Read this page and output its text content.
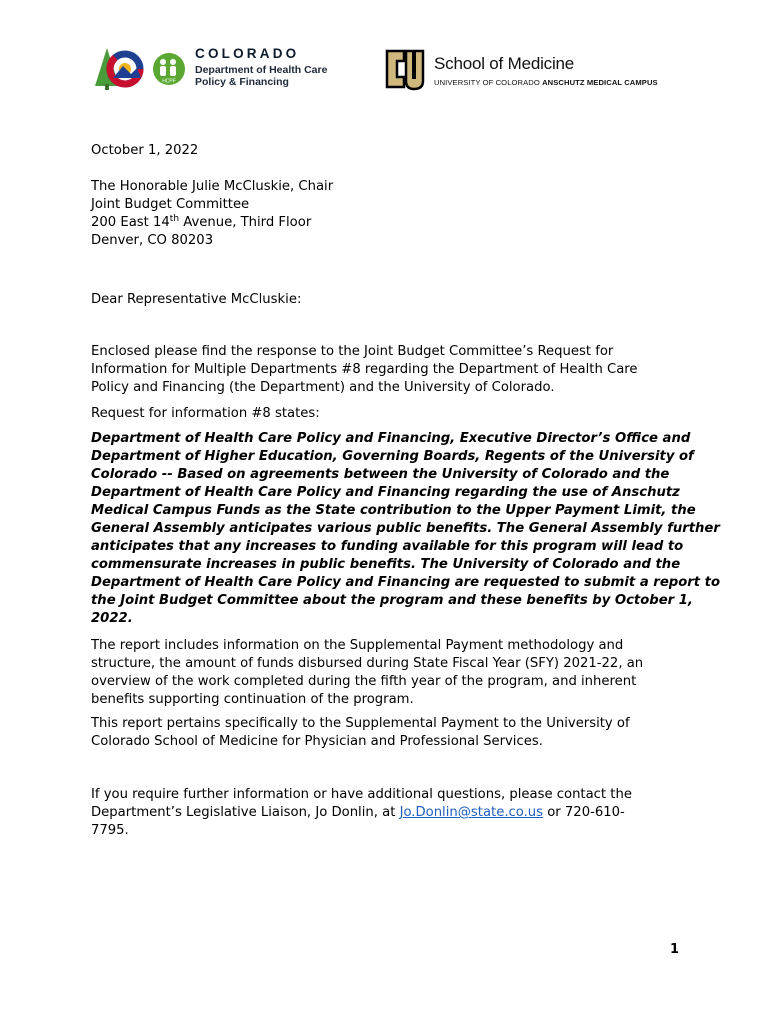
HCPF
COLORADO
Department of Health Care
Policy & Financing
School of Medicine
UNIVERSITY OF COLORADO ANSCHUTZ MEDICAL CAMPUS
October 1, 2022
The Honorable Julie McCluskie, Chair
Joint Budget Committee
200 East 14th Avenue, Third Floor
Denver, CO 80203
Dear Representative McCluskie:
Enclosed please find the response to the Joint Budget Committee’s Request for
Information for Multiple Departments #8 regarding the Department of Health Care
Policy and Financing (the Department) and the University of Colorado.
Request for information #8 states:
Department of Health Care Policy and Financing, Executive Director’s Office and
Department of Higher Education, Governing Boards, Regents of the University of
Colorado -- Based on agreements between the University of Colorado and the
Department of Health Care Policy and Financing regarding the use of Anschutz
Medical Campus Funds as the State contribution to the Upper Payment Limit, the
General Assembly anticipates various public benefits. The General Assembly further
anticipates that any increases to funding available for this program will lead to
commensurate increases in public benefits. The University of Colorado and the
Department of Health Care Policy and Financing are requested to submit a report to
the Joint Budget Committee about the program and these benefits by October 1,
2022.
The report includes information on the Supplemental Payment methodology and
structure, the amount of funds disbursed during State Fiscal Year (SFY) 2021-22, an
overview of the work completed during the fifth year of the program, and inherent
benefits supporting continuation of the program.
This report pertains specifically to the Supplemental Payment to the University of
Colorado School of Medicine for Physician and Professional Services.
If you require further information or have additional questions, please contact the
Department’s Legislative Liaison, Jo Donlin, at Jo.Donlin@state.co.us or 720-610-
7795.
1
